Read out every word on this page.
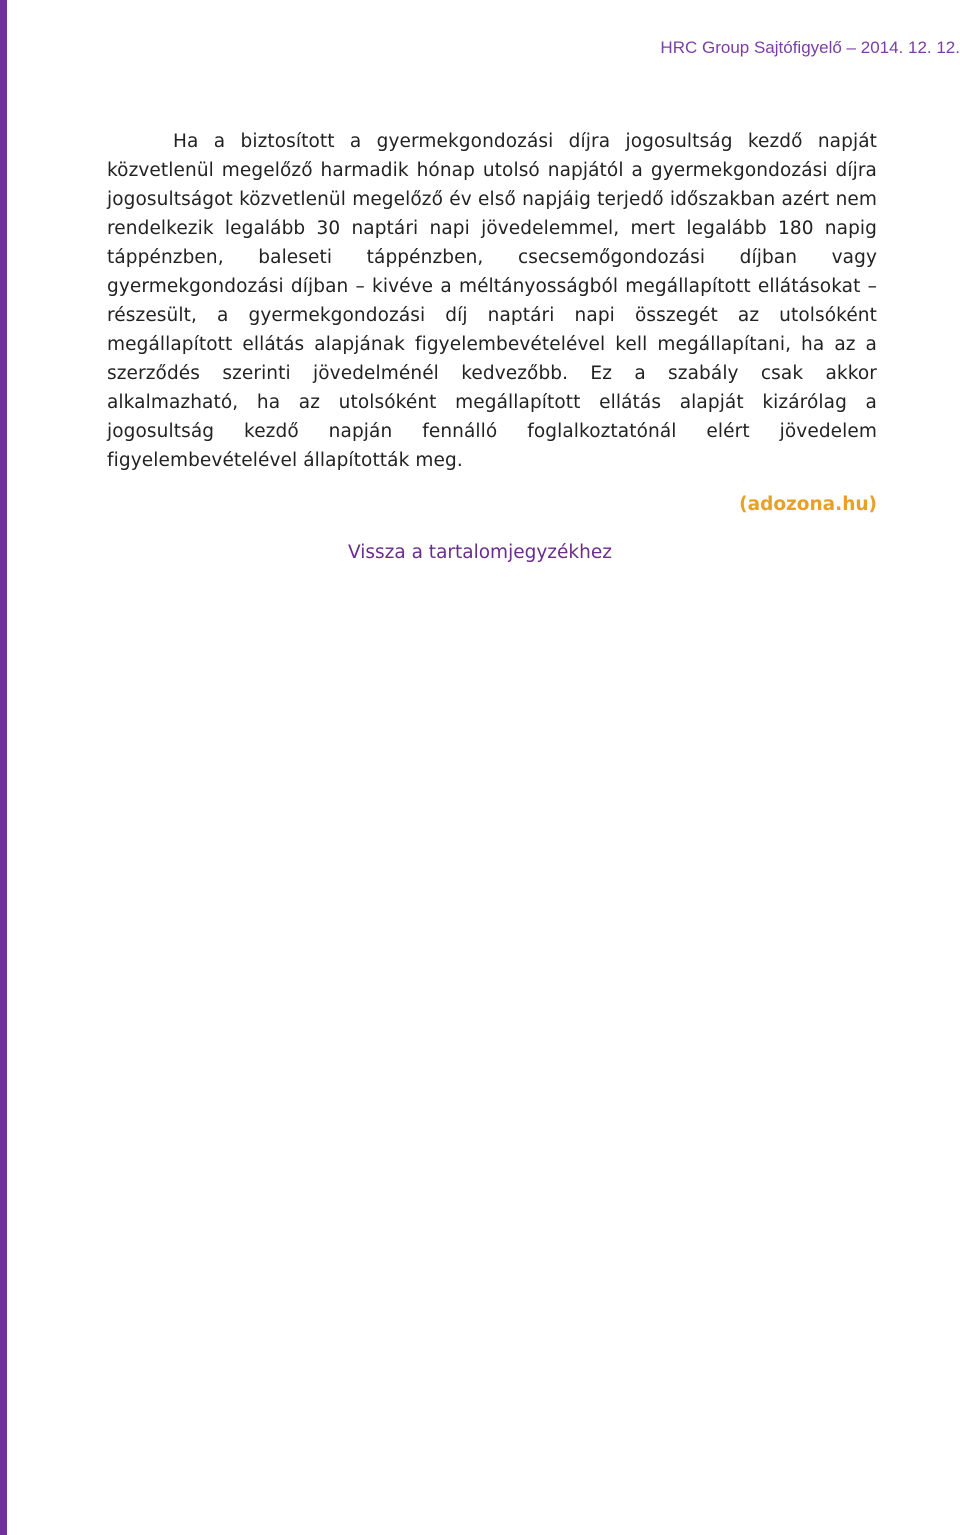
HRC Group Sajtófigyelő – 2014. 12. 12.

Ha a biztosított a gyermekgondozási díjra jogosultság kezdő napját közvetlenül megelőző harmadik hónap utolsó napjától a gyermekgondozási díjra jogosultságot közvetlenül megelőző év első napjáig terjedő időszakban azért nem rendelkezik legalább 30 naptári napi jövedelemmel, mert legalább 180 napig táppénzben, baleseti táppénzben, csecsemőgondozási díjban vagy gyermekgondozási díjban – kivéve a méltányosságból megállapított ellátásokat – részesült, a gyermekgondozási díj naptári napi összegét az utolsóként megállapított ellátás alapjának figyelembevételével kell megállapítani, ha az a szerződés szerinti jövedelménél kedvezőbb. Ez a szabály csak akkor alkalmazható, ha az utolsóként megállapított ellátás alapját kizárólag a jogosultság kezdő napján fennálló foglalkoztatónál elért jövedelem figyelembevételével állapították meg.

(adozona.hu)
Vissza a tartalomjegyzékhez
